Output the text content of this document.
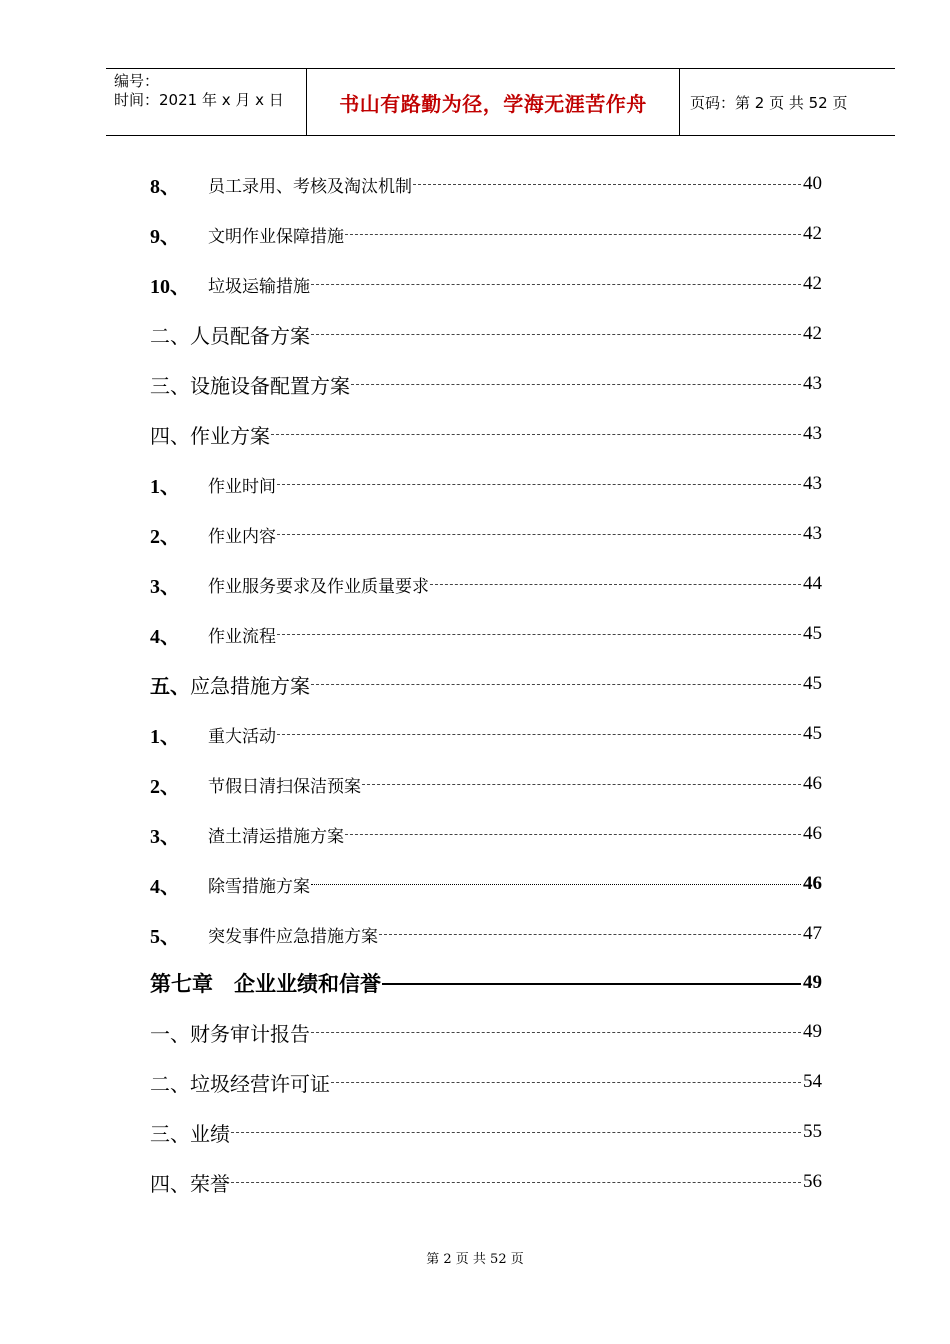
编号：
时间：2021 年 x 月 x 日	书山有路勤为径，学海无涯苦作舟	页码：第 2 页 共 52 页
8、	员工录用、考核及淘汰机制	40
9、	文明作业保障措施	42
10、	垃圾运输措施	42
二、人员配备方案	42
三、设施设备配置方案	43
四、作业方案	43
1、	作业时间	43
2、	作业内容	43
3、	作业服务要求及作业质量要求	44
4、	作业流程	45
五、 应急措施方案	45
1、	重大活动	45
2、	节假日清扫保洁预案	46
3、	渣土清运措施方案	46
4、	除雪措施方案	46
5、	突发事件应急措施方案	47
第七章　企业业绩和信誉	49
一、财务审计报告	49
二、垃圾经营许可证	54
三、业绩	55
四、荣誉	56
第 2 页 共 52 页
